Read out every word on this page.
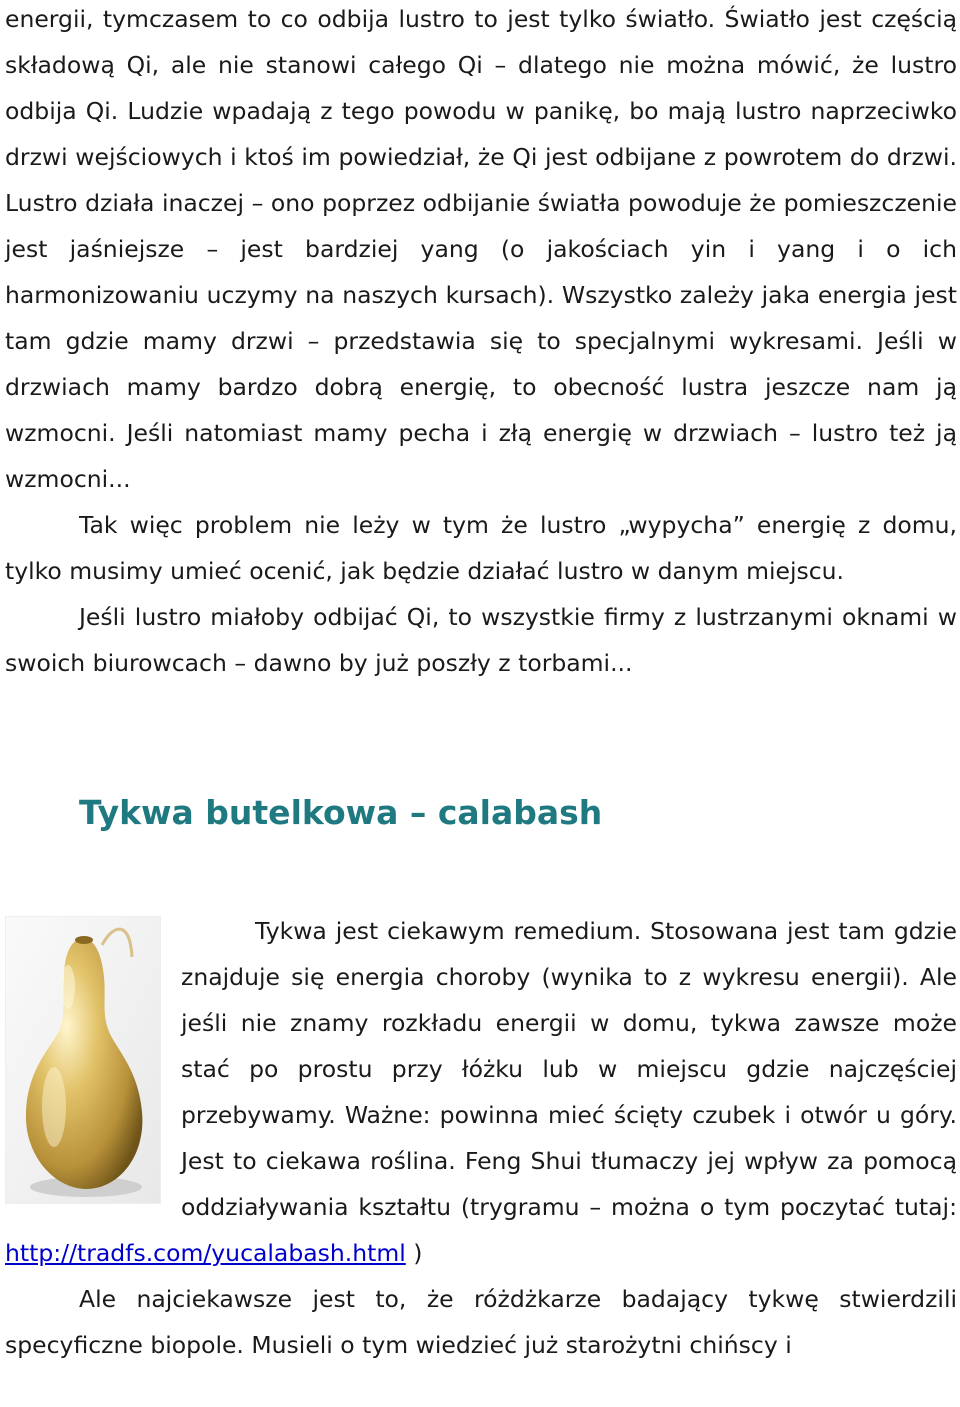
energii, tymczasem to co odbija lustro to jest tylko światło. Światło jest częścią składową Qi, ale nie stanowi całego Qi – dlatego nie można mówić, że lustro odbija Qi. Ludzie wpadają z tego powodu w panikę, bo mają lustro naprzeciwko drzwi wejściowych i ktoś im powiedział, że Qi jest odbijane z powrotem do drzwi. Lustro działa inaczej – ono poprzez odbijanie światła powoduje że pomieszczenie jest jaśniejsze – jest bardziej yang (o jakościach yin i yang i o ich harmonizowaniu uczymy na naszych kursach). Wszystko zależy jaka energia jest tam gdzie mamy drzwi – przedstawia się to specjalnymi wykresami. Jeśli w drzwiach mamy bardzo dobrą energię, to obecność lustra jeszcze nam ją wzmocni. Jeśli natomiast mamy pecha i złą energię w drzwiach – lustro też ją wzmocni...

Tak więc problem nie leży w tym że lustro „wypycha” energię z domu, tylko musimy umieć ocenić, jak będzie działać lustro w danym miejscu.

Jeśli lustro miałoby odbijać Qi, to wszystkie firmy z lustrzanymi oknami w swoich biurowcach – dawno by już poszły z torbami...

Tykwa butelkowa – calabash

Tykwa jest ciekawym remedium. Stosowana jest tam gdzie znajduje się energia choroby (wynika to z wykresu energii). Ale jeśli nie znamy rozkładu energii w domu, tykwa zawsze może stać po prostu przy łóżku lub w miejscu gdzie najczęściej przebywamy. Ważne: powinna mieć ścięty czubek i otwór u góry. Jest to ciekawa roślina. Feng Shui tłumaczy jej wpływ za pomocą oddziaływania kształtu (trygramu – można o tym poczytać tutaj: http://tradfs.com/yucalabash.html )

Ale najciekawsze jest to, że różdżkarze badający tykwę stwierdzili specyficzne biopole. Musieli o tym wiedzieć już starożytni chińscy i
